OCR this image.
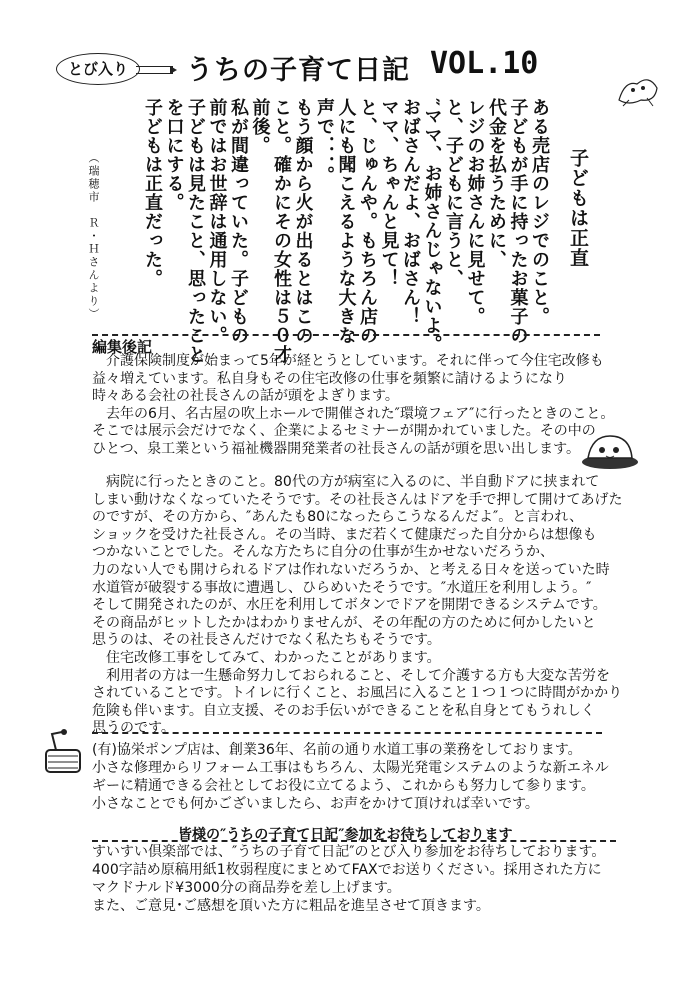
とび入り	うちの子育て日記 VOL.10
子どもは正直
ある売店のレジでのこと。
子どもが手に持ったお菓子の
代金を払うために、
レジのお姉さんに見せて。
と、子どもに言うと、
″ママ、お姉さんじゃないよ。
おばさんだよ、おばさん！
ママ、ちゃんと見て！
と、じゅんや。もちろん店の
人にも聞こえるような大きな
声で．．．。
もう顔から火が出るとはこの
こと。確かにその女性は５０才
前後。
私が間違っていた。子どもの
前ではお世辞は通用しない。
子どもは見たこと、思ったこと
を口にする。
子どもは正直だった。
（瑞穂市　Ｒ・Ｈさんより）
編集後記
　介護保険制度が始まって5年が経とうとしています。それに伴って今住宅改修も
益々増えています。私自身もその住宅改修の仕事を頻繁に請けるようになり
時々ある会社の社長さんの話が頭をよぎります。
　去年の6月、名古屋の吹上ホールで開催された″環境フェア″に行ったときのこと。
そこでは展示会だけでなく、企業によるセミナーが開かれていました。その中の
ひとつ、泉工業という福祉機器開発業者の社長さんの話が頭を思い出します。
　病院に行ったときのこと。80代の方が病室に入るのに、半自動ドアに挟まれて
しまい動けなくなっていたそうです。その社長さんはドアを手で押して開けてあげた
のですが、その方から、″あんたも80になったらこうなるんだよ″。と言われ、
ショックを受けた社長さん。その当時、まだ若くて健康だった自分からは想像も
つかないことでした。そんな方たちに自分の仕事が生かせないだろうか、
力のない人でも開けられるドアは作れないだろうか、と考える日々を送っていた時
水道管が破裂する事故に遭遇し、ひらめいたそうです。″水道圧を利用しよう。″
そして開発されたのが、水圧を利用してボタンでドアを開閉できるシステムです。
その商品がヒットしたかはわかりませんが、その年配の方のために何かしたいと
思うのは、その社長さんだけでなく私たちもそうです。
　住宅改修工事をしてみて、わかったことがあります。
　利用者の方は一生懸命努力しておられること、そして介護する方も大変な苦労を
されていることです。トイレに行くこと、お風呂に入ること１つ１つに時間がかかり
危険も伴います。自立支援、そのお手伝いができることを私自身とてもうれしく
思うのです。
(有)協栄ポンプ店は、創業36年、名前の通り水道工事の業務をしております。
小さな修理からリフォーム工事はもちろん、太陽光発電システムのような新エネル
ギーに精通できる会社としてお役に立てるよう、これからも努力して参ります。
小さなことでも何かございましたら、お声をかけて頂ければ幸いです。
皆様の″うちの子育て日記″参加をお待ちしております
すいすい倶楽部では、″うちの子育て日記″のとび入り参加をお待ちしております。
400字詰め原稿用紙1枚弱程度にまとめてFAXでお送りください。採用された方に
マクドナルド¥3000分の商品券を差し上げます。
また、ご意見･ご感想を頂いた方に粗品を進呈させて頂きます。
